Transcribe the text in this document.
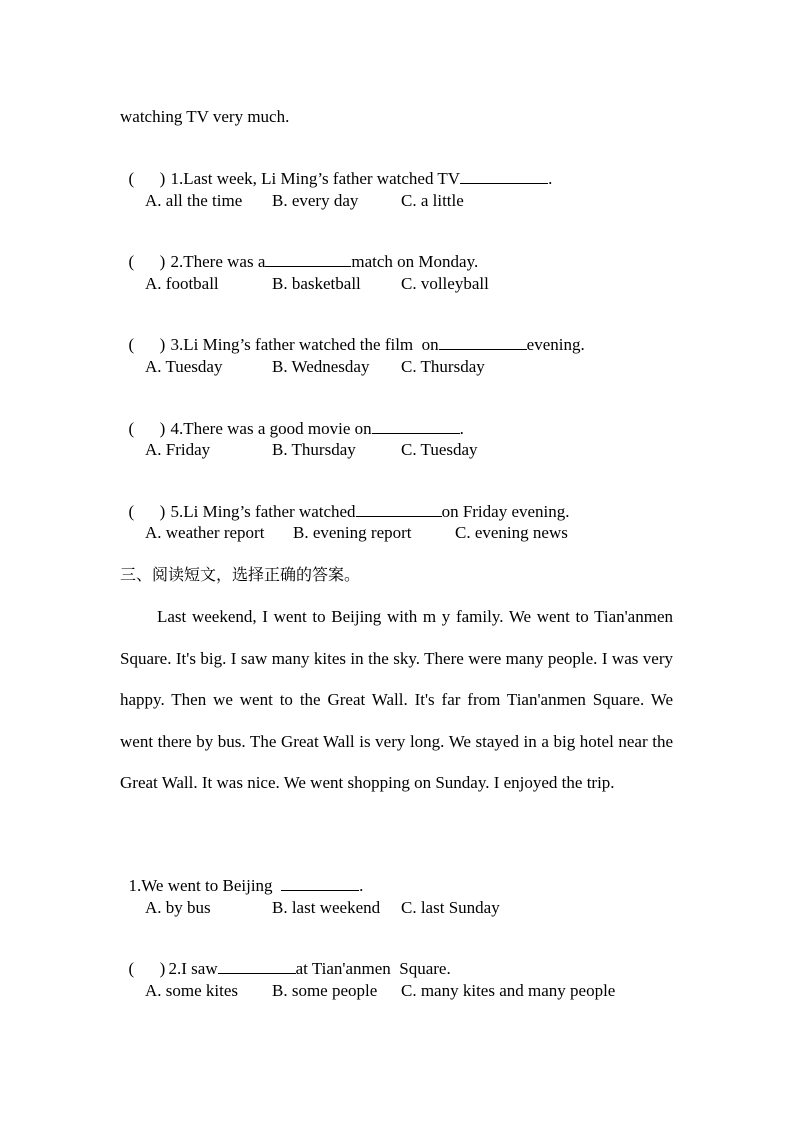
watching TV very much.

(      ) 1.Last week, Li Ming’s father watched TV	.

A. all the time

B. every day

	C. a little

(      ) 2.There was a	match on Monday.

A. football

	B. basketball

C. volleyball

(      ) 3.Li Ming’s father watched the film  on	evening.

A. Tuesday

	B. Wednesday

C. Thursday

(      ) 4.There was a good movie on	.

A. Friday

	B. Thursday

	C. Tuesday

(      ) 5.Li Ming’s father watched	on Friday evening.

A. weather report

B. evening report

	C. evening news

三、阅读短文，选择正确的答案。
Last weekend, I went to Beijing with m y family. We went to Tian'anmen Square. It's big. I saw many kites in the sky. There were many people. I was very happy. Then we went to the Great Wall. It's far from Tian'anmen Square. We went there by bus. The Great Wall is very long. We stayed in a big hotel near the Great Wall. It was nice. We went shopping on Sunday. I enjoyed the trip.

1.We went to Beijing	.

A. by bus

	B. last weekend

C. last Sunday

(      ) 2.I saw	at Tian'anmen  Square.

A. some kites

B. some people

C. many kites and many people
